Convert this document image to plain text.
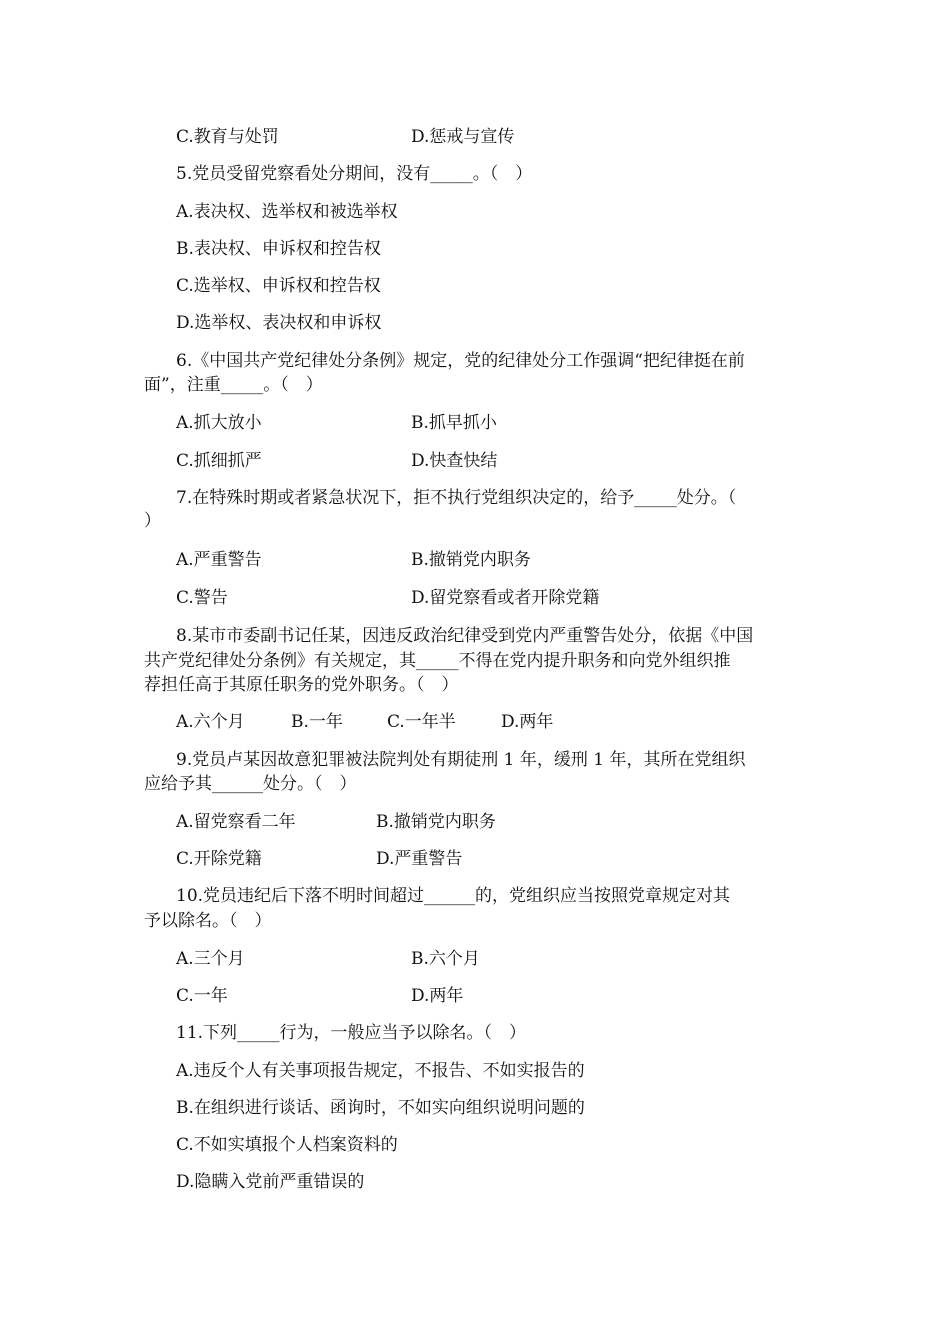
C.教育与处罚	D.惩戒与宣传
5.党员受留党察看处分期间，没有_____。（　）
A.表决权、选举权和被选举权
B.表决权、申诉权和控告权
C.选举权、申诉权和控告权
D.选举权、表决权和申诉权
6.《中国共产党纪律处分条例》规定，党的纪律处分工作强调“把纪律挺在前
面”，注重_____。（　）
A.抓大放小	B.抓早抓小
C.抓细抓严	D.快查快结
7.在特殊时期或者紧急状况下，拒不执行党组织决定的，给予_____处分。（
）
A.严重警告	B.撤销党内职务
C.警告	D.留党察看或者开除党籍
8.某市市委副书记任某，因违反政治纪律受到党内严重警告处分，依据《中国
共产党纪律处分条例》有关规定，其_____不得在党内提升职务和向党外组织推
荐担任高于其原任职务的党外职务。（　）
A.六个月	B.一年	C.一年半	D.两年
9.党员卢某因故意犯罪被法院判处有期徒刑 1 年，缓刑 1 年，其所在党组织
应给予其______处分。（　）
A.留党察看二年	B.撤销党内职务
C.开除党籍	D.严重警告
10.党员违纪后下落不明时间超过______的，党组织应当按照党章规定对其
予以除名。（　）
A.三个月	B.六个月
C.一年	D.两年
11.下列_____行为，一般应当予以除名。（　）
A.违反个人有关事项报告规定，不报告、不如实报告的
B.在组织进行谈话、函询时，不如实向组织说明问题的
C.不如实填报个人档案资料的
D.隐瞒入党前严重错误的
